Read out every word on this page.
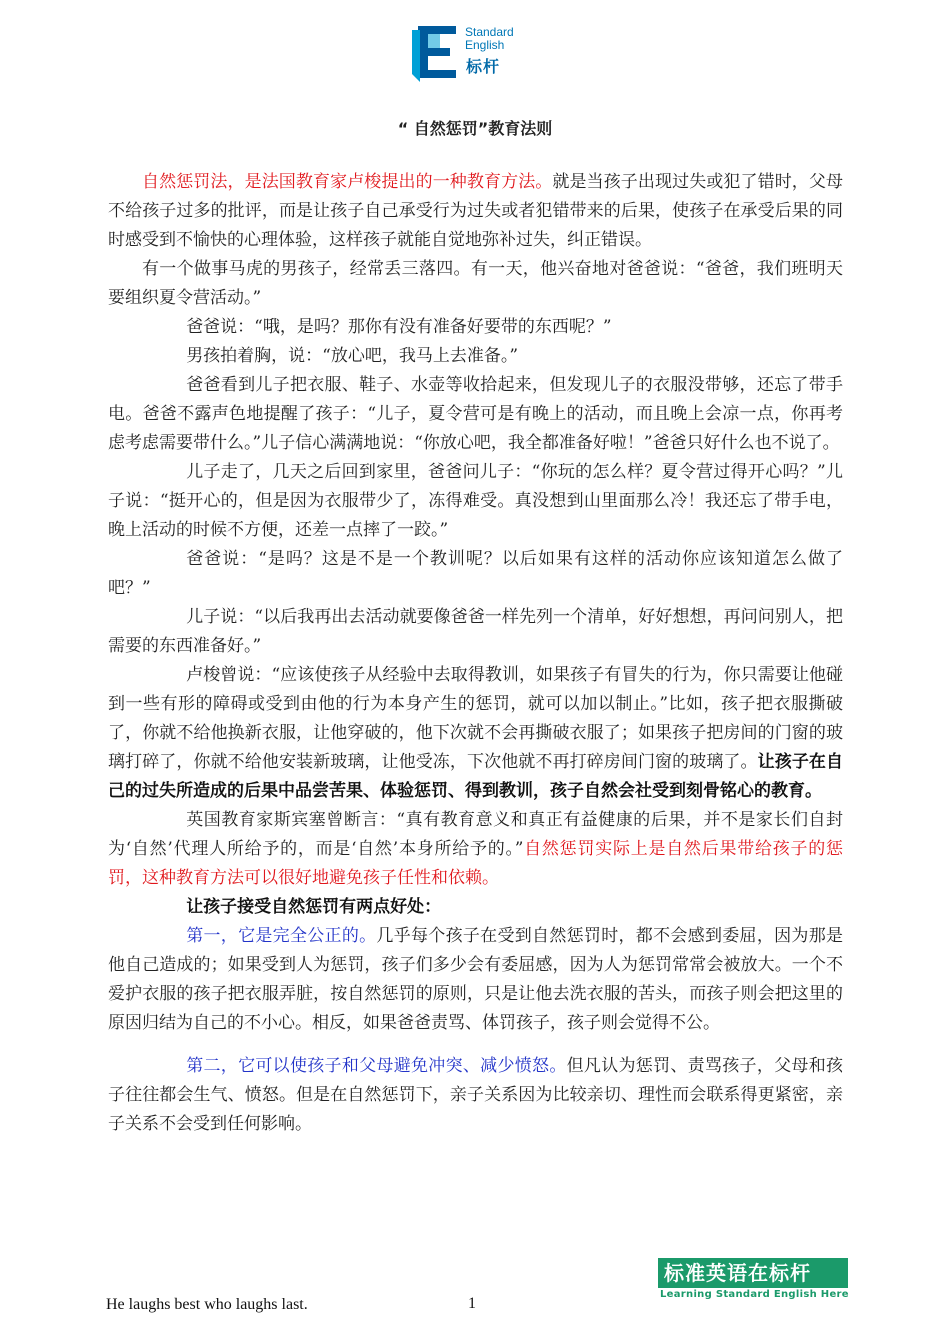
Standard
English
标杆
“ 自然惩罚”教育法则

自然惩罚法，是法国教育家卢梭提出的一种教育方法。就是当孩子出现过失或犯了错时，父母不给孩子过多的批评，而是让孩子自己承受行为过失或者犯错带来的后果，使孩子在承受后果的同时感受到不愉快的心理体验，这样孩子就能自觉地弥补过失，纠正错误。

有一个做事马虎的男孩子，经常丢三落四。有一天，他兴奋地对爸爸说：“爸爸，我们班明天要组织夏令营活动。”

爸爸说：“哦，是吗？那你有没有准备好要带的东西呢？”

男孩拍着胸，说：“放心吧，我马上去准备。”

爸爸看到儿子把衣服、鞋子、水壶等收拾起来，但发现儿子的衣服没带够，还忘了带手电。爸爸不露声色地提醒了孩子：“儿子，夏令营可是有晚上的活动，而且晚上会凉一点，你再考虑考虑需要带什么。”儿子信心满满地说：“你放心吧，我全都准备好啦！”爸爸只好什么也不说了。

儿子走了，几天之后回到家里，爸爸问儿子：“你玩的怎么样？夏令营过得开心吗？”儿子说：“挺开心的，但是因为衣服带少了，冻得难受。真没想到山里面那么冷！我还忘了带手电，晚上活动的时候不方便，还差一点摔了一跤。”

爸爸说：“是吗？这是不是一个教训呢？以后如果有这样的活动你应该知道怎么做了吧？”

儿子说：“以后我再出去活动就要像爸爸一样先列一个清单，好好想想，再问问别人，把需要的东西准备好。”

卢梭曾说：“应该使孩子从经验中去取得教训，如果孩子有冒失的行为，你只需要让他碰到一些有形的障碍或受到由他的行为本身产生的惩罚，就可以加以制止。”比如，孩子把衣服撕破了，你就不给他换新衣服，让他穿破的，他下次就不会再撕破衣服了；如果孩子把房间的门窗的玻璃打碎了，你就不给他安装新玻璃，让他受冻，下次他就不再打碎房间门窗的玻璃了。让孩子在自己的过失所造成的后果中品尝苦果、体验惩罚、得到教训，孩子自然会社受到刻骨铭心的教育。

英国教育家斯宾塞曾断言：“真有教育意义和真正有益健康的后果，并不是家长们自封为‘自然’代理人所给予的，而是‘自然’本身所给予的。”自然惩罚实际上是自然后果带给孩子的惩罚，这种教育方法可以很好地避免孩子任性和依赖。

让孩子接受自然惩罚有两点好处：

第一，它是完全公正的。几乎每个孩子在受到自然惩罚时，都不会感到委屈，因为那是他自己造成的；如果受到人为惩罚，孩子们多少会有委屈感，因为人为惩罚常常会被放大。一个不爱护衣服的孩子把衣服弄脏，按自然惩罚的原则，只是让他去洗衣服的苦头，而孩子则会把这里的原因归结为自己的不小心。相反，如果爸爸责骂、体罚孩子，孩子则会觉得不公。

第二，它可以使孩子和父母避免冲突、减少愤怒。但凡认为惩罚、责骂孩子，父母和孩子往往都会生气、愤怒。但是在自然惩罚下，亲子关系因为比较亲切、理性而会联系得更紧密，亲子关系不会受到任何影响。

标准英语在标杆
Learning Standard English Here
He laughs best who laughs last.	1
